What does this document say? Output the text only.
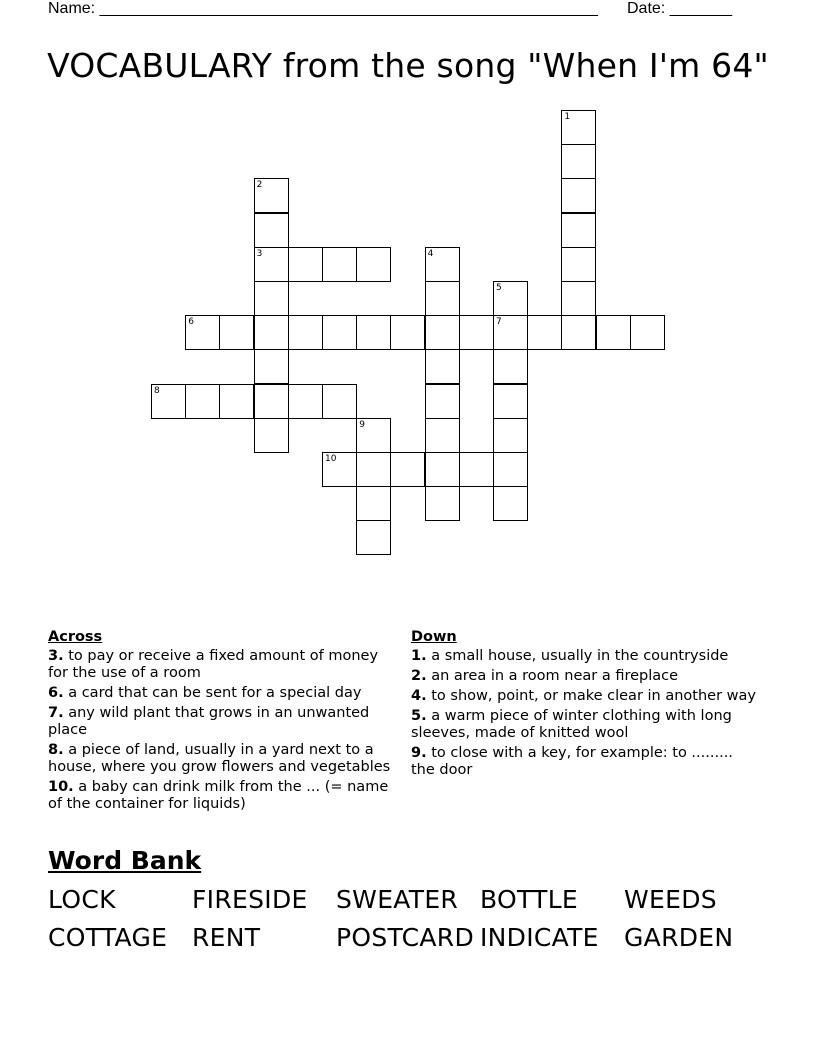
Name: ________________________________________________________

Date: _______

VOCABULARY from the song "When I'm 64"
1
2
3	4
5
7
6
8
9
10
Across
3. to pay or receive a fixed amount of money for the use of a room
6. a card that can be sent for a special day
7. any wild plant that grows in an unwanted place
8. a piece of land, usually in a yard next to a house, where you grow flowers and vegetables
10. a baby can drink milk from the ... (= name of the container for liquids)
Down
1. a small house, usually in the countryside
2. an area in a room near a fireplace
4. to show, point, or make clear in another way
5. a warm piece of winter clothing with long sleeves, made of knitted wool
9. to close with a key, for example: to ......... the door
Word Bank
LOCK	FIRESIDE SWEATER BOTTLE WEEDS
COTTAGE RENT	POSTCARD INDICATE GARDEN
